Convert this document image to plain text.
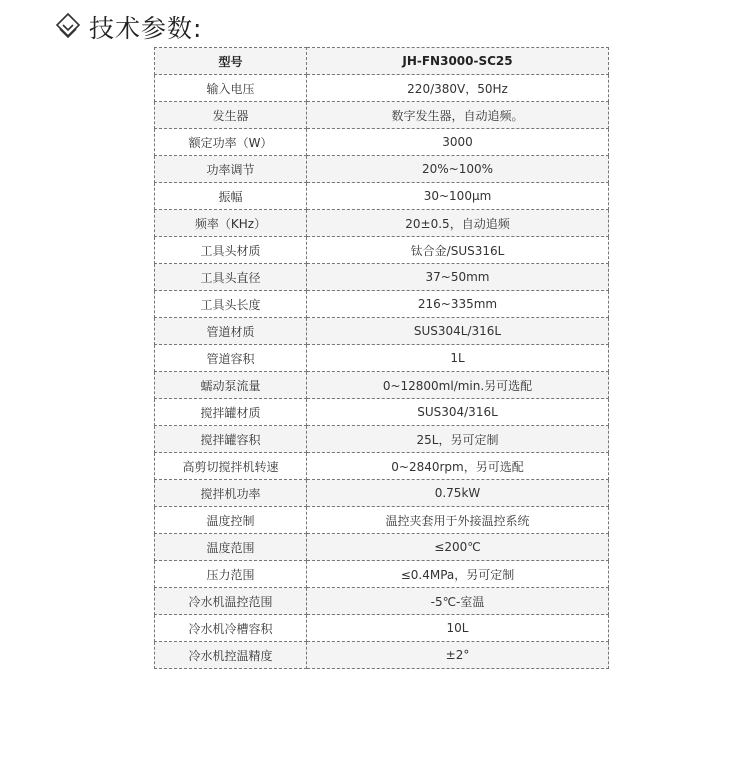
技术参数:
型号	JH-FN3000-SC25
输入电压	220/380V，50Hz
发生器	数字发生器，自动追频。
额定功率（W）	3000
功率调节	20%~100%
振幅	30~100μm
频率（KHz）	20±0.5，自动追频
工具头材质	钛合金/SUS316L
工具头直径	37~50mm
工具头长度	216~335mm
管道材质	SUS304L/316L
管道容积	1L
蠕动泵流量	0~12800ml/min.另可选配
搅拌罐材质	SUS304/316L
搅拌罐容积	25L，另可定制
高剪切搅拌机转速	0~2840rpm，另可选配
搅拌机功率	0.75kW
温度控制	温控夹套用于外接温控系统
温度范围	≤200℃
压力范围	≤0.4MPa，另可定制
冷水机温控范围	-5℃-室温
冷水机冷槽容积	10L
冷水机控温精度	±2°
